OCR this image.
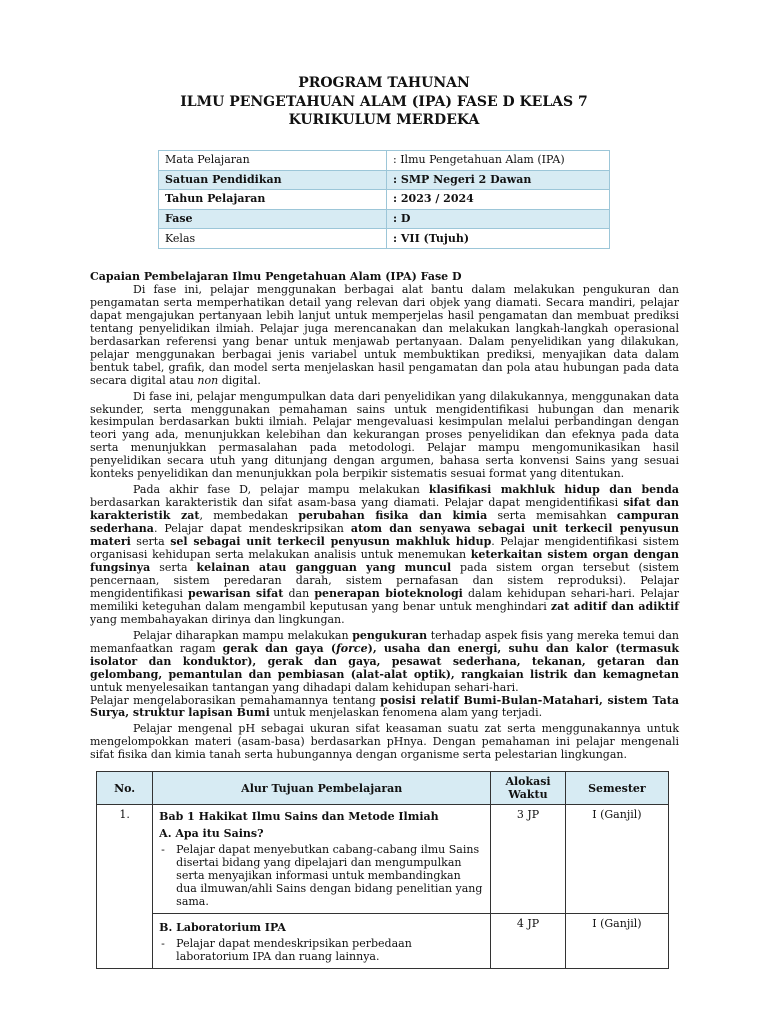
PROGRAM TAHUNAN
ILMU PENGETAHUAN ALAM (IPA) FASE D KELAS 7
KURIKULUM MERDEKA
Mata Pelajaran	: Ilmu Pengetahuan Alam (IPA)
Satuan Pendidikan	: SMP Negeri 2 Dawan
Tahun Pelajaran	: 2023 / 2024
Fase	: D
Kelas	: VII (Tujuh)
Capaian Pembelajaran Ilmu Pengetahuan Alam (IPA) Fase D

Di fase ini, pelajar menggunakan berbagai alat bantu dalam melakukan pengukuran dan pengamatan serta memperhatikan detail yang relevan dari objek yang diamati. Secara mandiri, pelajar dapat mengajukan pertanyaan lebih lanjut untuk memperjelas hasil pengamatan dan membuat prediksi tentang penyelidikan ilmiah. Pelajar juga merencanakan dan melakukan langkah-langkah operasional berdasarkan referensi yang benar untuk menjawab pertanyaan. Dalam penyelidikan yang dilakukan, pelajar menggunakan berbagai jenis variabel untuk membuktikan prediksi, menyajikan data dalam bentuk tabel, grafik, dan model serta menjelaskan hasil pengamatan dan pola atau hubungan pada data secara digital atau non digital.

Di fase ini, pelajar mengumpulkan data dari penyelidikan yang dilakukannya, menggunakan data sekunder, serta menggunakan pemahaman sains untuk mengidentifikasi hubungan dan menarik kesimpulan berdasarkan bukti ilmiah. Pelajar mengevaluasi kesimpulan melalui perbandingan dengan teori yang ada, menunjukkan kelebihan dan kekurangan proses penyelidikan dan efeknya pada data serta menunjukkan permasalahan pada metodologi. Pelajar mampu mengomunikasikan hasil penyelidikan secara utuh yang ditunjang dengan argumen, bahasa serta konvensi Sains yang sesuai konteks penyelidikan dan menunjukkan pola berpikir sistematis sesuai format yang ditentukan.

Pada akhir fase D, pelajar mampu melakukan klasifikasi makhluk hidup dan benda berdasarkan karakteristik dan sifat asam-basa yang diamati. Pelajar dapat mengidentifikasi sifat dan karakteristik zat, membedakan perubahan fisika dan kimia serta memisahkan campuran sederhana. Pelajar dapat mendeskripsikan atom dan senyawa sebagai unit terkecil penyusun materi serta sel sebagai unit terkecil penyusun makhluk hidup. Pelajar mengidentifikasi sistem organisasi kehidupan serta melakukan analisis untuk menemukan keterkaitan sistem organ dengan fungsinya serta kelainan atau gangguan yang muncul pada sistem organ tersebut (sistem pencernaan, sistem peredaran darah, sistem pernafasan dan sistem reproduksi). Pelajar mengidentifikasi pewarisan sifat dan penerapan bioteknologi dalam kehidupan sehari-hari. Pelajar memiliki keteguhan dalam mengambil keputusan yang benar untuk menghindari zat aditif dan adiktif yang membahayakan dirinya dan lingkungan.

Pelajar diharapkan mampu melakukan pengukuran terhadap aspek fisis yang mereka temui dan memanfaatkan ragam gerak dan gaya (force), usaha dan energi, suhu dan kalor (termasuk isolator dan konduktor), gerak dan gaya, pesawat sederhana, tekanan, getaran dan gelombang, pemantulan dan pembiasan (alat-alat optik), rangkaian listrik dan kemagnetan untuk menyelesaikan tantangan yang dihadapi dalam kehidupan sehari-hari.

Pelajar mengelaborasikan pemahamannya tentang posisi relatif Bumi-Bulan-Matahari, sistem Tata Surya, struktur lapisan Bumi untuk menjelaskan fenomena alam yang terjadi.

Pelajar mengenal pH sebagai ukuran sifat keasaman suatu zat serta menggunakannya untuk mengelompokkan materi (asam-basa) berdasarkan pHnya. Dengan pemahaman ini pelajar mengenali sifat fisika dan kimia tanah serta hubungannya dengan organisme serta pelestarian lingkungan.

No.	Alur Tujuan Pembelajaran	Alokasi Waktu	Semester
1.	Bab 1 Hakikat Ilmu Sains dan Metode Ilmiah
A. Apa itu Sains?
- Pelajar dapat menyebutkan cabang-cabang ilmu Sains disertai bidang yang dipelajari dan mengumpulkan serta menyajikan informasi untuk membandingkan dua ilmuwan/ahli Sains dengan bidang penelitian yang sama.	3 JP	I (Ganjil)

	B. Laboratorium IPA
- Pelajar dapat mendeskripsikan perbedaan laboratorium IPA dan ruang lainnya.	4 JP	I (Ganjil)
